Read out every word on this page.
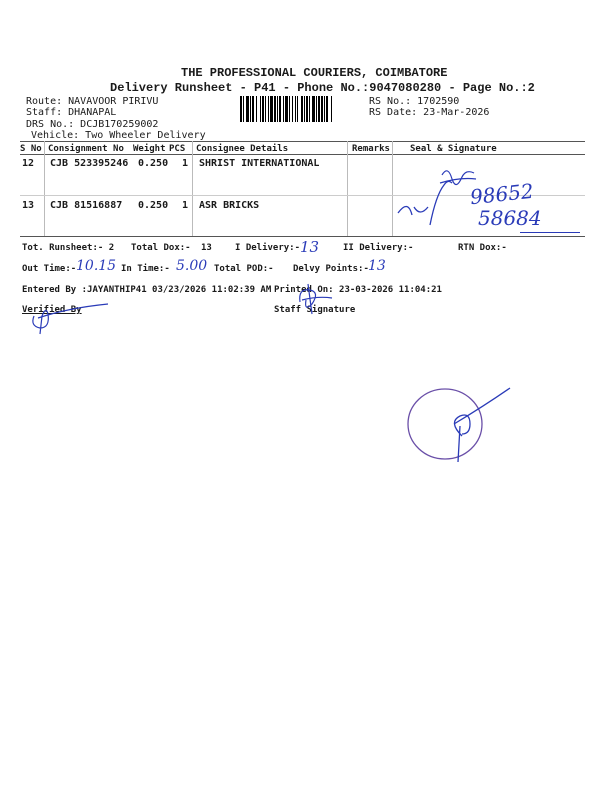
THE PROFESSIONAL COURIERS, COIMBATORE
Delivery Runsheet - P41 - Phone No.:9047080280 - Page No.:2
Route: NAVAVOOR PIRIVU
Staff: DHANAPAL
DRS No.: DCJB170259002
Vehicle: Two Wheeler Delivery
RS No.: 1702590
RS Date: 23-Mar-2026
S No Consignment No Weight PCS Consignee Details	Remarks Seal & Signature
12 CJB 523395246 0.250 1 SHRIST INTERNATIONAL
13 CJB 81516887 0.250 1 ASR BRICKS	98652
58684
Tot. Runsheet:- 2 Total Dox:- 13	I Delivery:- 13	II Delivery:-	RTN Dox:-
Out Time:- 10.15 In Time:- 5.00 Total POD:- Delvy Points:- 13
Entered By :JAYANTHIP41 03/23/2026 11:02:39 AM Printed On: 23-03-2026 11:04:21
Verified By	Staff Signature
